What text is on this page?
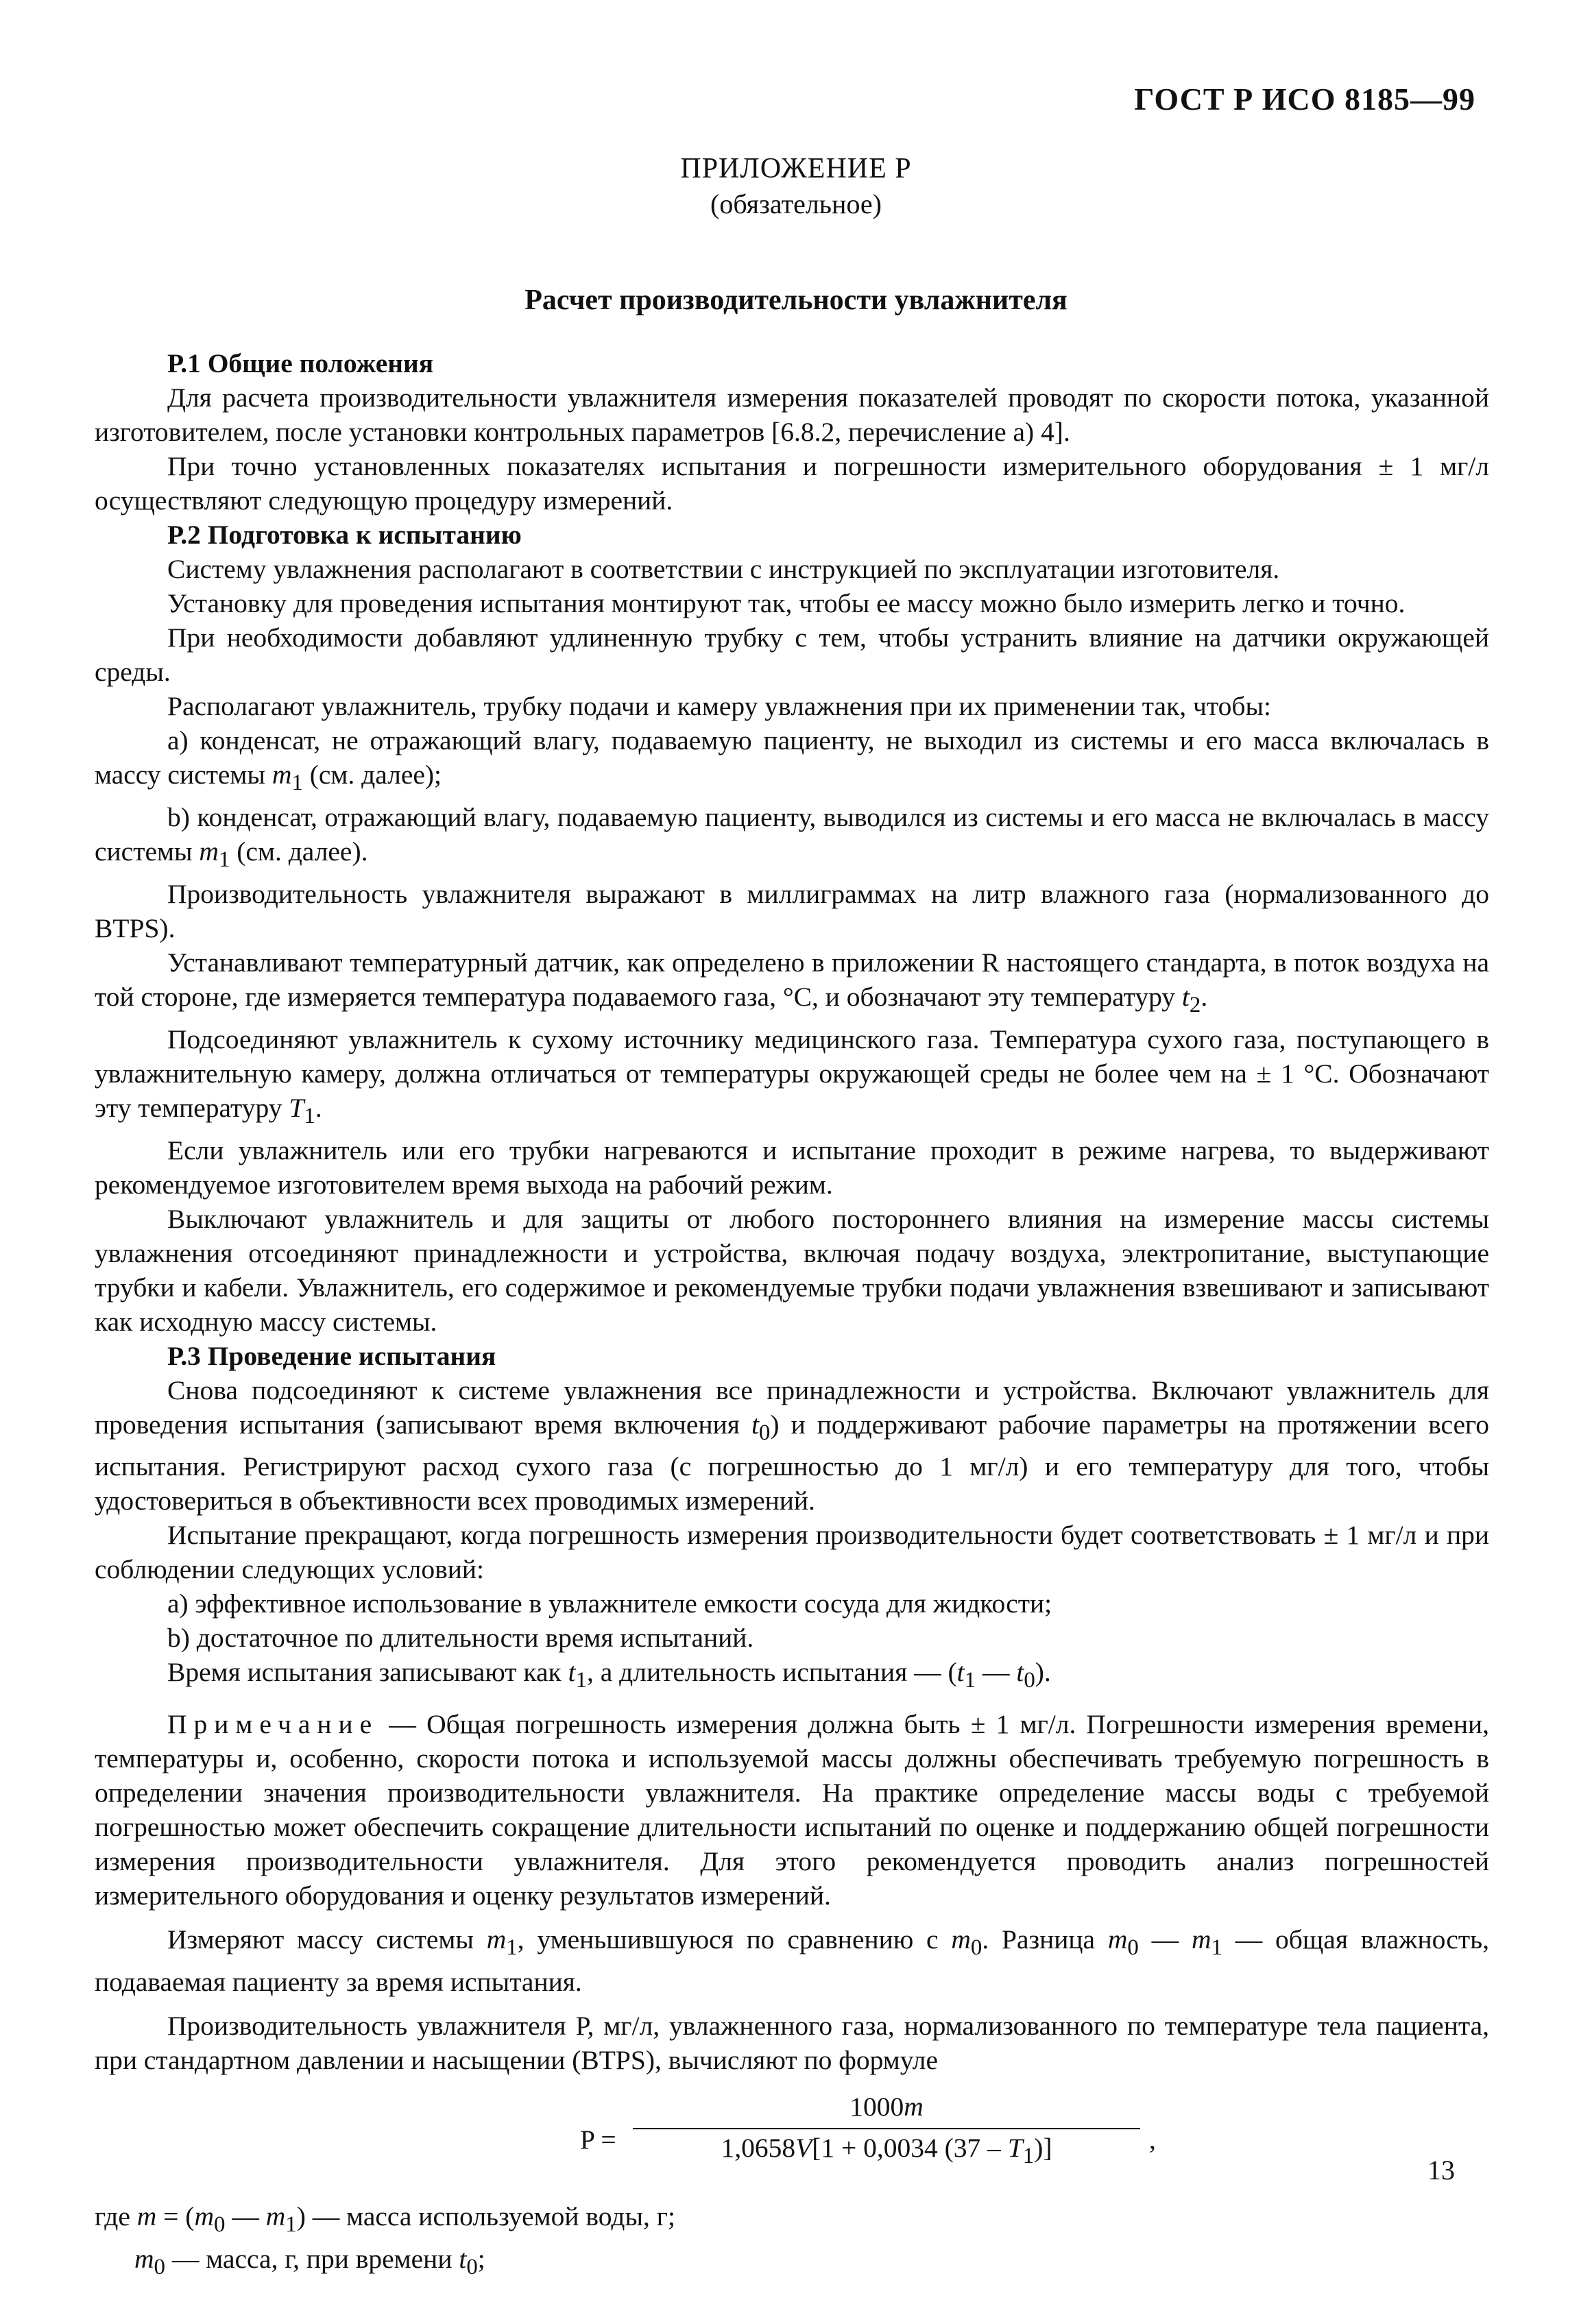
ГОСТ Р ИСО 8185—99
ПРИЛОЖЕНИЕ Р
(обязательное)
Расчет производительности увлажнителя
Р.1 Общие положения

Для расчета производительности увлажнителя измерения показателей проводят по скорости потока, указанной изготовителем, после установки контрольных параметров [6.8.2, перечисление а) 4].

При точно установленных показателях испытания и погрешности измерительного оборудования ± 1 мг/л осуществляют следующую процедуру измерений.

Р.2 Подготовка к испытанию

Систему увлажнения располагают в соответствии с инструкцией по эксплуатации изготовителя.

Установку для проведения испытания монтируют так, чтобы ее массу можно было измерить легко и точно.

При необходимости добавляют удлиненную трубку с тем, чтобы устранить влияние на датчики окружающей среды.

Располагают увлажнитель, трубку подачи и камеру увлажнения при их применении так, чтобы:

а) конденсат, не отражающий влагу, подаваемую пациенту, не выходил из системы и его масса включалась в массу системы $m_1$ (см. далее);

b) конденсат, отражающий влагу, подаваемую пациенту, выводился из системы и его масса не включалась в массу системы $m_1$ (см. далее).

Производительность увлажнителя выражают в миллиграммах на литр влажного газа (нормализованного до BTPS).

Устанавливают температурный датчик, как определено в приложении R настоящего стандарта, в поток воздуха на той стороне, где измеряется температура подаваемого газа, °С, и обозначают эту температуру $t_2$.

Подсоединяют увлажнитель к сухому источнику медицинского газа. Температура сухого газа, поступающего в увлажнительную камеру, должна отличаться от температуры окружающей среды не более чем на ± 1 °С. Обозначают эту температуру $T_1$.

Если увлажнитель или его трубки нагреваются и испытание проходит в режиме нагрева, то выдерживают рекомендуемое изготовителем время выхода на рабочий режим.

Выключают увлажнитель и для защиты от любого постороннего влияния на измерение массы системы увлажнения отсоединяют принадлежности и устройства, включая подачу воздуха, электропитание, выступающие трубки и кабели. Увлажнитель, его содержимое и рекомендуемые трубки подачи увлажнения взвешивают и записывают как исходную массу системы.

Р.3 Проведение испытания

Снова подсоединяют к системе увлажнения все принадлежности и устройства. Включают увлажнитель для проведения испытания (записывают время включения $t_0$) и поддерживают рабочие параметры на протяжении всего испытания. Регистрируют расход сухого газа (с погрешностью до 1 мг/л) и его температуру для того, чтобы удостовериться в объективности всех проводимых измерений.

Испытание прекращают, когда погрешность измерения производительности будет соответствовать ± 1 мг/л и при соблюдении следующих условий:

а) эффективное использование в увлажнителе емкости сосуда для жидкости;

b) достаточное по длительности время испытаний.

Время испытания записывают как $t_1$, а длительность испытания — ($t_1$ — $t_0$).

Примечание — Общая погрешность измерения должна быть ± 1 мг/л. Погрешности измерения времени, температуры и, особенно, скорости потока и используемой массы должны обеспечивать требуемую погрешность в определении значения производительности увлажнителя. На практике определение массы воды с требуемой погрешностью может обеспечить сокращение длительности испытаний по оценке и поддержанию общей погрешности измерения производительности увлажнителя. Для этого рекомендуется проводить анализ погрешностей измерительного оборудования и оценку результатов измерений.

Измеряют массу системы $m_1$, уменьшившуюся по сравнению с $m_0$. Разница $m_0$ — $m_1$ — общая влажность, подаваемая пациенту за время испытания.

Производительность увлажнителя Р, мг/л, увлажненного газа, нормализованного по температуре тела пациента, при стандартном давлении и насыщении (BTPS), вычисляют по формуле

$P = \frac{1000m}{1,0658V[1 + 0,0034 (37 - T_1)]}$ ,

где $m = (m_0$ — $m_1$) — масса используемой воды, г;

$m_0$ — масса, г, при времени $t_0$;

13
